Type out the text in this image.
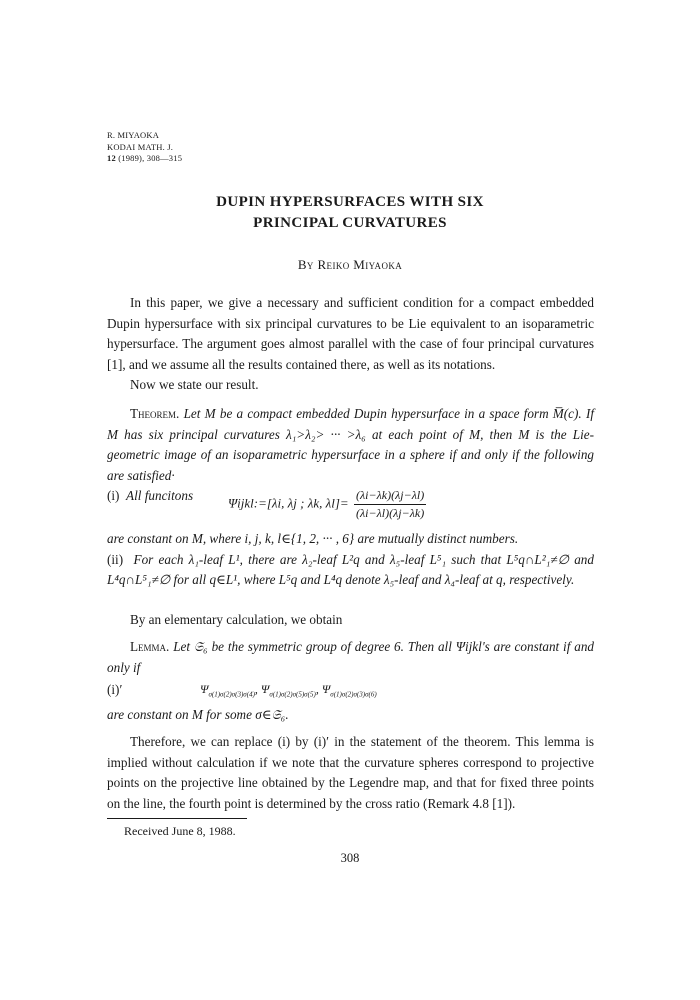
R. MIYAOKA
KODAI MATH. J.
12 (1989), 308—315
DUPIN HYPERSURFACES WITH SIX
PRINCIPAL CURVATURES
By Reiko Miyaoka

In this paper, we give a necessary and sufficient condition for a compact embedded Dupin hypersurface with six principal curvatures to be Lie equivalent to an isoparametric hypersurface. The argument goes almost parallel with the case of four principal curvatures [1], and we assume all the results contained there, as well as its notations.

Now we state our result.

Theorem. Let M be a compact embedded Dupin hypersurface in a space form M̅(c). If M has six principal curvatures λ₁>λ₂> ··· >λ₆ at each point of M, then M is the Lie-geometric image of an isoparametric hypersurface in a sphere if and only if the following are satisfied·

(i) All funcitons	Ψijkl:=[λi, λj ; λk, $\lambda l]= \frac{(\lambda i-\lambda k)(\lambda j-\lambda l)}{(\lambda i-\lambda l)(\lambda j-\lambda k)}$

are constant on M, where i, j, k, l∈{1, 2, ··· , 6} are mutually distinct numbers.

(ii) For each λ₁-leaf L¹, there are λ₂-leaf L²q and λ₅-leaf L⁵₁ such that L⁵q∩L²₁≠∅ and L⁴q∩L⁵₁≠∅ for all q∈L¹, where L⁵q and L⁴q denote λ₅-leaf and λ₄-leaf at q, respectively.

By an elementary calculation, we obtain

Lemma. Let 𝔖₆ be the symmetric group of degree 6. Then all Ψijkl's are constant if and only if

(i)′	$\Psi_{\sigma(1)\sigma(2)\sigma(3)\sigma(4)}$, $\Psi_{\sigma(1)\sigma(2)\sigma(5)\sigma(5)}$, $\Psi_{\sigma(1)\sigma(2)\sigma(3)\sigma(6)}$

are constant on M for some σ∈𝔖₆.

Therefore, we can replace (i) by (i)′ in the statement of the theorem. This lemma is implied without calculation if we note that the curvature spheres correspond to projective points on the projective line obtained by the Legendre map, and that for fixed three points on the line, the fourth point is determined by the cross ratio (Remark 4.8 [1]).

Received June 8, 1988.
308
